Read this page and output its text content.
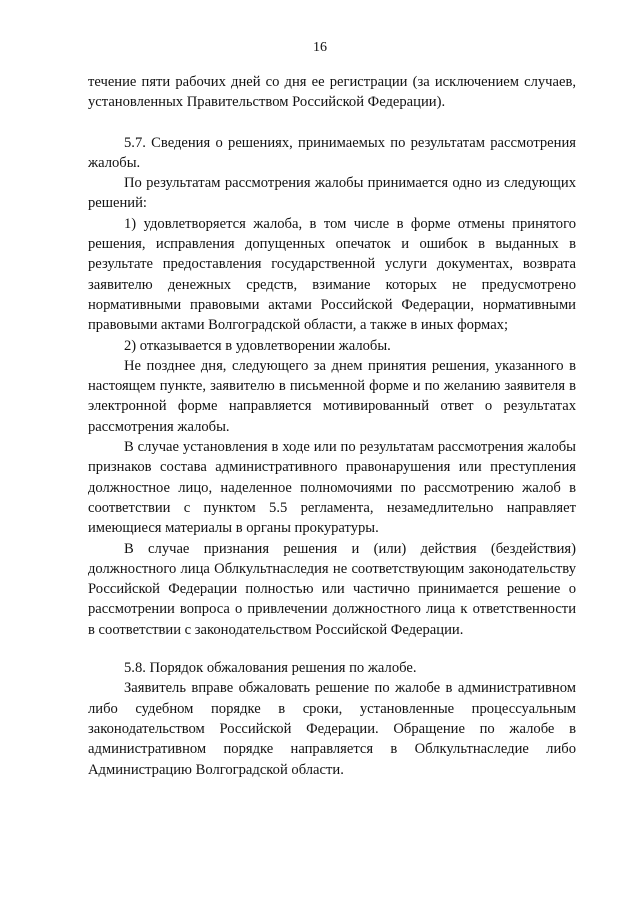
16

течение пяти рабочих дней со дня ее регистрации (за исключением случаев, установленных Правительством Российской Федерации).

5.7. Сведения о решениях, принимаемых по результатам рассмотрения жалобы.

По результатам рассмотрения жалобы принимается одно из следующих решений:

1) удовлетворяется жалоба, в том числе в форме отмены принятого решения, исправления допущенных опечаток и ошибок в выданных в результате предоставления государственной услуги документах, возврата заявителю денежных средств, взимание которых не предусмотрено нормативными правовыми актами Российской Федерации, нормативными правовыми актами Волгоградской области, а также в иных формах;

2) отказывается в удовлетворении жалобы.

Не позднее дня, следующего за днем принятия решения, указанного в настоящем пункте, заявителю в письменной форме и по желанию заявителя в электронной форме направляется мотивированный ответ о результатах рассмотрения жалобы.

В случае установления в ходе или по результатам рассмотрения жалобы признаков состава административного правонарушения или преступления должностное лицо, наделенное полномочиями по рассмотрению жалоб в соответствии с пунктом 5.5 регламента, незамедлительно направляет имеющиеся материалы в органы прокуратуры.

В случае признания решения и (или) действия (бездействия) должностного лица Облкультнаследия не соответствующим законодательству Российской Федерации полностью или частично принимается решение о рассмотрении вопроса о привлечении должностного лица к ответственности в соответствии с законодательством Российской Федерации.

5.8. Порядок обжалования решения по жалобе.

Заявитель вправе обжаловать решение по жалобе в административном либо судебном порядке в сроки, установленные процессуальным законодательством Российской Федерации. Обращение по жалобе в административном порядке направляется в Облкультнаследие либо Администрацию Волгоградской области.
